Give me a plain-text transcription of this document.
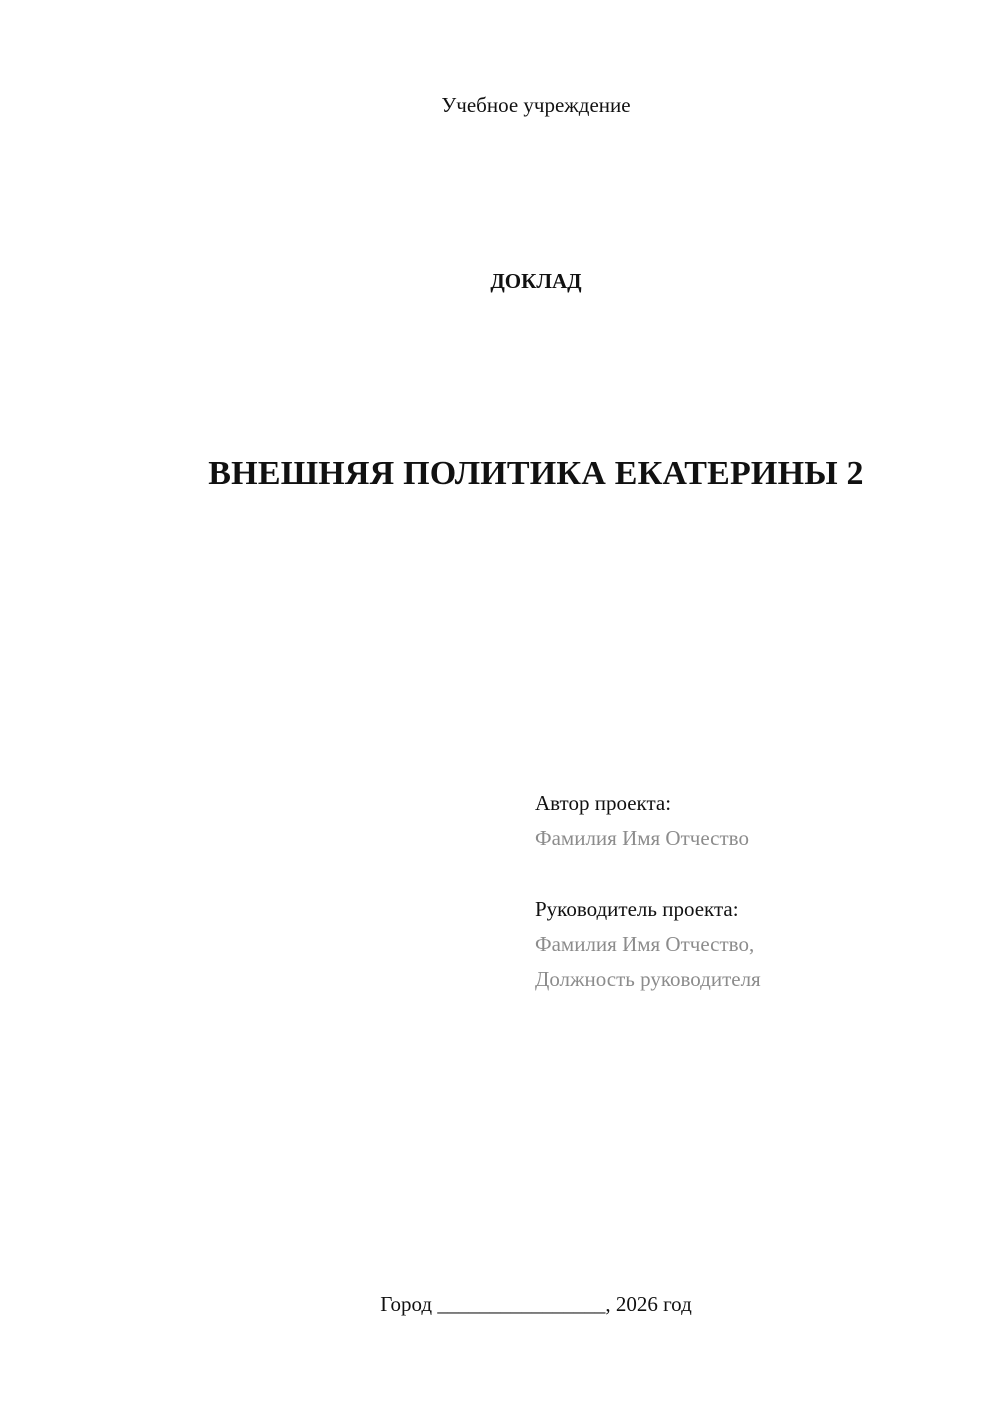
Учебное учреждение
ДОКЛАД
ВНЕШНЯЯ ПОЛИТИКА ЕКАТЕРИНЫ 2
Автор проекта:
Фамилия Имя Отчество
Руководитель проекта:
Фамилия Имя Отчество,
Должность руководителя
Город ________________, 2026 год
